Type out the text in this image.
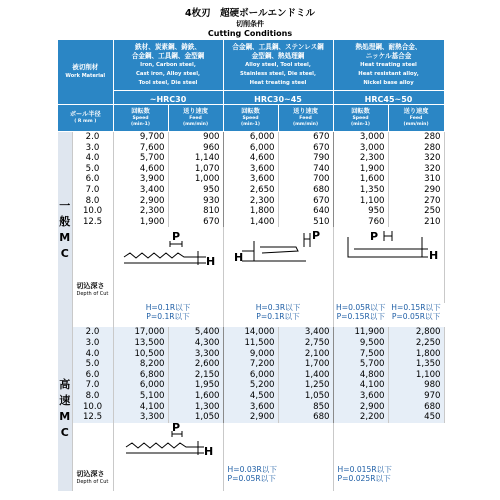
4枚刃　超硬ボールエンドミル
切削条件
Cutting Conditions
被切削材
Work Material		鉄材、炭素鋼、鋳鉄、
合金鋼、工具鋼、金型鋼
Iron, Carbon steel,
Cast iron, Alloy steel,
Tool steel, Die steel		合金鋼、工具鋼、ステンレス鋼
金型鋼、熱処理鋼
Alloy steel, Tool steel,
Stainless steel, Die steel,
Heat treating steel		熱処理鋼、耐熱合金、
ニッケル基合金
Heat treating steel
Heat resistant alloy,
Nickel base alloy	

		~HRC30		HRC30~45		HRC45~50	

ボール半径
( R mm )		回転数
Speed
(min-1)	送り速度
Feed
(mm/min)	回転数
Speed
(min-1)	送り速度
Feed
(mm/min)	回転数
Speed
(min-1)	送り速度
Feed
(mm/min)

一
般
M
C	2.0	9,700	900	6,000	670	3,000	280
	3.0	7,600	960	6,000	670	3,000	280
	4.0	5,700	1,140	4,600	790	2,300	320
	5.0	4,600	1,070	3,600	740	1,900	320
	6.0	3,900	1,000	3,600	700	1,600	310
	7.0	3,400	950	2,650	680	1,350	290
	8.0	2,900	930	2,300	670	1,100	270
	10.0	2,300	810	1,800	640	950	250
	12.5	1,900	670	1,400	510	760	210
	切込深さ
Depth of Cut	P
H		P
H		P
H	

		H=0.1R以下
P=0.1R以下		H=0.3R以下
P=0.1R以下		H=0.05R以下
P=0.15R以下	H=0.15R以下
P=0.05R以下

高
速
M
C	2.0	17,000	5,400	14,000	3,400	11,900	2,800
	3.0	13,500	4,300	11,500	2,750	9,500	2,250
	4.0	10,500	3,300	9,000	2,100	7,500	1,800
	5.0	8,200	2,600	7,200	1,700	5,700	1,350
	6.0	6,800	2,150	6,000	1,400	4,800	1,100
	7.0	6,000	1,950	5,200	1,250	4,100	980
	8.0	5,100	1,600	4,500	1,050	3,600	970
	10.0	4,100	1,300	3,600	850	2,900	680
	12.5	3,300	1,050	2,900	680	2,200	450
	切込深さ
Depth of Cut	P
H		H=0.03R以下
P=0.05R以下		H=0.015R以下
P=0.025R以下	
